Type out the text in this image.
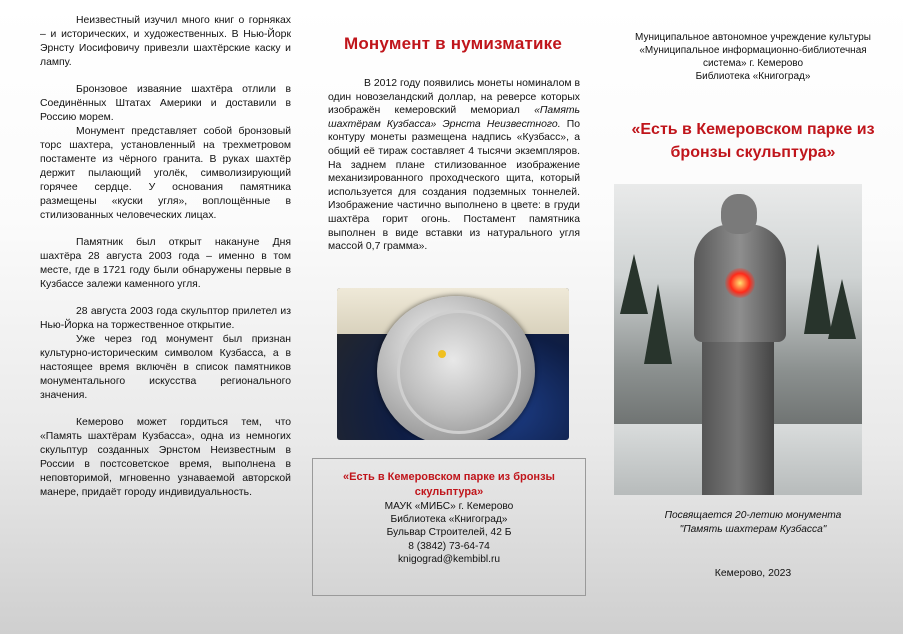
Неизвестный изучил много книг о горняках – и исторических, и художественных. В Нью-Йорк Эрнсту Иосифовичу привезли шахтёрские каску и лампу.

Бронзовое изваяние шахтёра отлили в Соединённых Штатах Америки и доставили в Россию морем.

Монумент представляет собой бронзовый торс шахтера, установленный на трехметровом постаменте из чёрного гранита. В руках шахтёр держит пылающий уголёк, символизирующий горячее сердце. У основания памятника размещены «куски угля», воплощённые в стилизованных человеческих лицах.

Памятник был открыт накануне Дня шахтёра 28 августа 2003 года – именно в том месте, где в 1721 году были обнаружены первые в Кузбассе залежи каменного угля.

28 августа 2003 года скульптор прилетел из Нью-Йорка на торжественное открытие.

Уже через год монумент был признан культурно-историческим символом Кузбасса, а в настоящее время включён в список памятников монументального искусства регионального значения.

Кемерово может гордиться тем, что «Память шахтёрам Кузбасса», одна из немногих скульптур созданных Эрнстом Неизвестным в России в постсоветское время, выполнена в неповторимой, мгновенно узнаваемой авторской манере, придаёт городу индивидуальность.

Монумент в нумизматике

В 2012 году появились монеты номиналом в один новозеландский доллар, на реверсе которых изображён кемеровский мемориал «Память шахтёрам Кузбасса» Эрнста Неизвестного. По контуру монеты размещена надпись «Кузбасс», а общий её тираж составляет 4 тысячи экземпляров. На заднем плане стилизованное изображение механизированного проходческого щита, который используется для создания подземных тоннелей. Изображение частично выполнено в цвете: в груди шахтёра горит огонь. Постамент памятника выполнен в виде вставки из натурального угля массой 0,7 грамма».

«Есть в Кемеровском парке из бронзы скульптура»
МАУК «МИБС» г. Кемерово
Библиотека «Книгоград»
Бульвар Строителей, 42 Б
8 (3842) 73-64-74
knigograd@kembibl.ru
Муниципальное автономное учреждение культуры
«Муниципальное информационно-библиотечная система» г. Кемерово
Библиотека «Книгоград»
«Есть в Кемеровском парке из бронзы скульптура»
Посвящается 20-летию монумента
"Память шахтерам Кузбасса"
Кемерово, 2023
